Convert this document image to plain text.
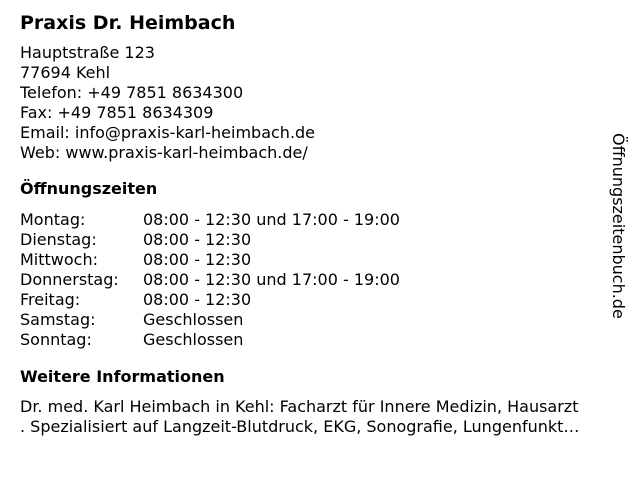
Praxis Dr. Heimbach
Hauptstraße 123
77694 Kehl
Telefon: +49 7851 8634300
Fax: +49 7851 8634309
Email: info@praxis-karl-heimbach.de
Web: www.praxis-karl-heimbach.de/
Öffnungszeiten
Montag:	08:00 - 12:30 und 17:00 - 19:00
Dienstag:	08:00 - 12:30
Mittwoch:	08:00 - 12:30
Donnerstag:	08:00 - 12:30 und 17:00 - 19:00
Freitag:	08:00 - 12:30
Samstag:	Geschlossen
Sonntag:	Geschlossen
Weitere Informationen
Dr. med. Karl Heimbach in Kehl: Facharzt für Innere Medizin, Hausarzt
. Spezialisiert auf Langzeit-Blutdruck, EKG, Sonografie, Lungenfunkt…
Öffnungszeitenbuch.de
